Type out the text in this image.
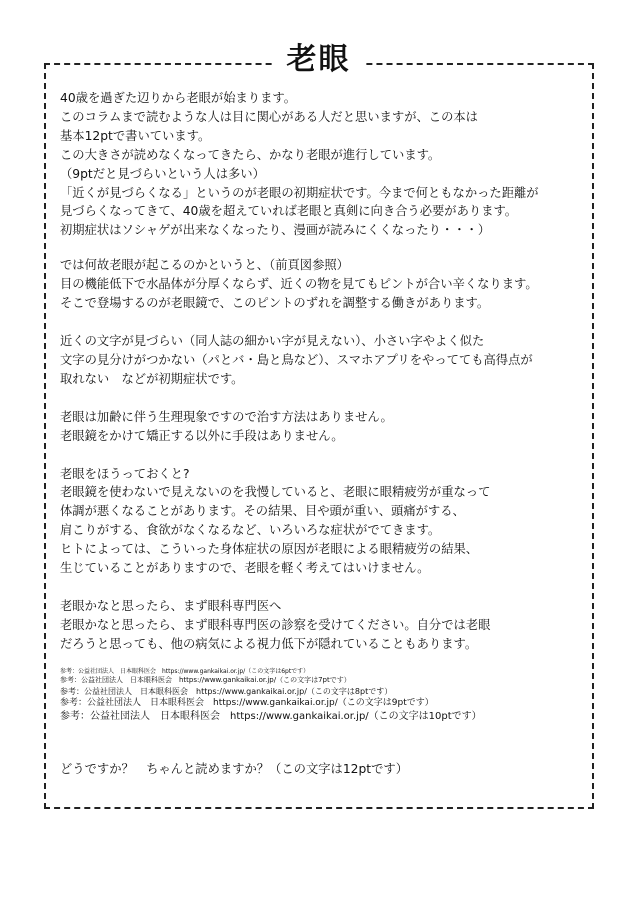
老眼
40歳を過ぎた辺りから老眼が始まります。
このコラムまで読むような人は目に関心がある人だと思いますが、この本は
基本12ptで書いています。
この大きさが読めなくなってきたら、かなり老眼が進行しています。
（9ptだと見づらいという人は多い）
「近くが見づらくなる」というのが老眼の初期症状です。今まで何ともなかった距離が
見づらくなってきて、40歳を超えていれば老眼と真剣に向き合う必要があります。
初期症状はソシャゲが出来なくなったり、漫画が読みにくくなったり・・・）
では何故老眼が起こるのかというと、（前頁図参照）
目の機能低下で水晶体が分厚くならず、近くの物を見てもピントが合い辛くなります。
そこで登場するのが老眼鏡で、このピントのずれを調整する働きがあります。
近くの文字が見づらい（同人誌の細かい字が見えない）、小さい字やよく似た
文字の見分けがつかない（パとバ・島と鳥など）、スマホアプリをやってても高得点が
取れない　などが初期症状です。
老眼は加齢に伴う生理現象ですので治す方法はありません。
老眼鏡をかけて矯正する以外に手段はありません。
老眼をほうっておくと?
老眼鏡を使わないで見えないのを我慢していると、老眼に眼精疲労が重なって
体調が悪くなることがあります。その結果、目や頭が重い、頭痛がする、
肩こりがする、食欲がなくなるなど、いろいろな症状がでてきます。
ヒトによっては、こういった身体症状の原因が老眼による眼精疲労の結果、
生じていることがありますので、老眼を軽く考えてはいけません。
老眼かなと思ったら、まず眼科専門医へ
老眼かなと思ったら、まず眼科専門医の診察を受けてください。自分では老眼
だろうと思っても、他の病気による視力低下が隠れていることもあります。
参考：公益社団法人　日本眼科医会　https://www.gankaikai.or.jp/（この文字は6ptです）
参考：公益社団法人　日本眼科医会　https://www.gankaikai.or.jp/（この文字は7ptです）
参考：公益社団法人　日本眼科医会　https://www.gankaikai.or.jp/（この文字は8ptです）
参考：公益社団法人　日本眼科医会　https://www.gankaikai.or.jp/（この文字は9ptです）
参考：公益社団法人　日本眼科医会　https://www.gankaikai.or.jp/（この文字は10ptです）
どうですか？　ちゃんと読めますか？（この文字は12ptです）
